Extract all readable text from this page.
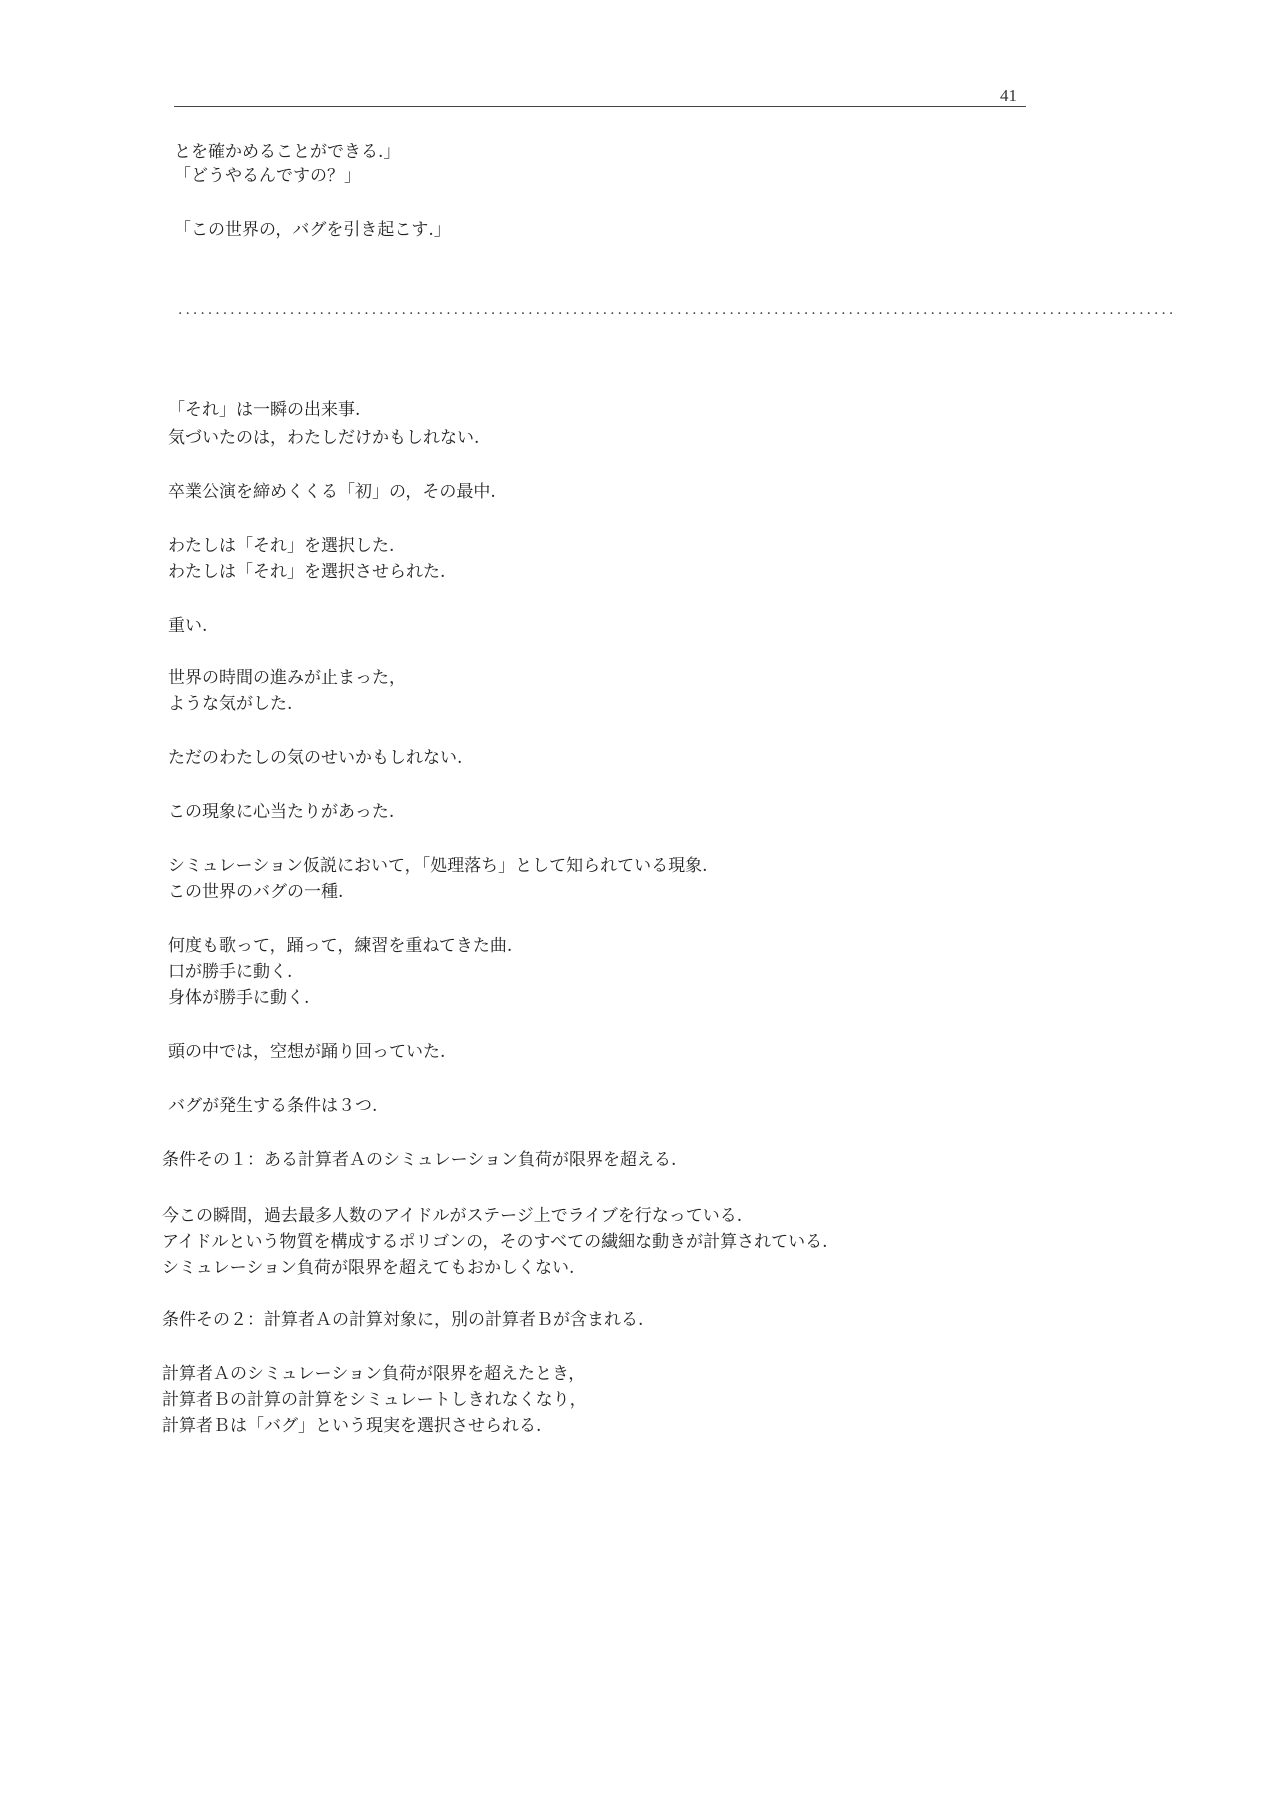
41
とを確かめることができる.」
「どうやるんですの？」
「この世界の，バグを引き起こす.」
······································································································································
「それ」は一瞬の出来事.
気づいたのは，わたしだけかもしれない.
卒業公演を締めくくる「初」の，その最中.
わたしは「それ」を選択した.
わたしは「それ」を選択させられた.
重い.
世界の時間の進みが止まった，
ような気がした.
ただのわたしの気のせいかもしれない.
この現象に心当たりがあった.
シミュレーション仮説において，「処理落ち」として知られている現象.
この世界のバグの一種.
何度も歌って，踊って，練習を重ねてきた曲.
口が勝手に動く.
身体が勝手に動く.
頭の中では，空想が踊り回っていた.
バグが発生する条件は３つ.
条件その１：ある計算者Ａのシミュレーション負荷が限界を超える.
今この瞬間，過去最多人数のアイドルがステージ上でライブを行なっている.
アイドルという物質を構成するポリゴンの，そのすべての繊細な動きが計算されている.
シミュレーション負荷が限界を超えてもおかしくない.
条件その２：計算者Ａの計算対象に，別の計算者Ｂが含まれる.
計算者Ａのシミュレーション負荷が限界を超えたとき，
計算者Ｂの計算の計算をシミュレートしきれなくなり，
計算者Ｂは「バグ」という現実を選択させられる.
